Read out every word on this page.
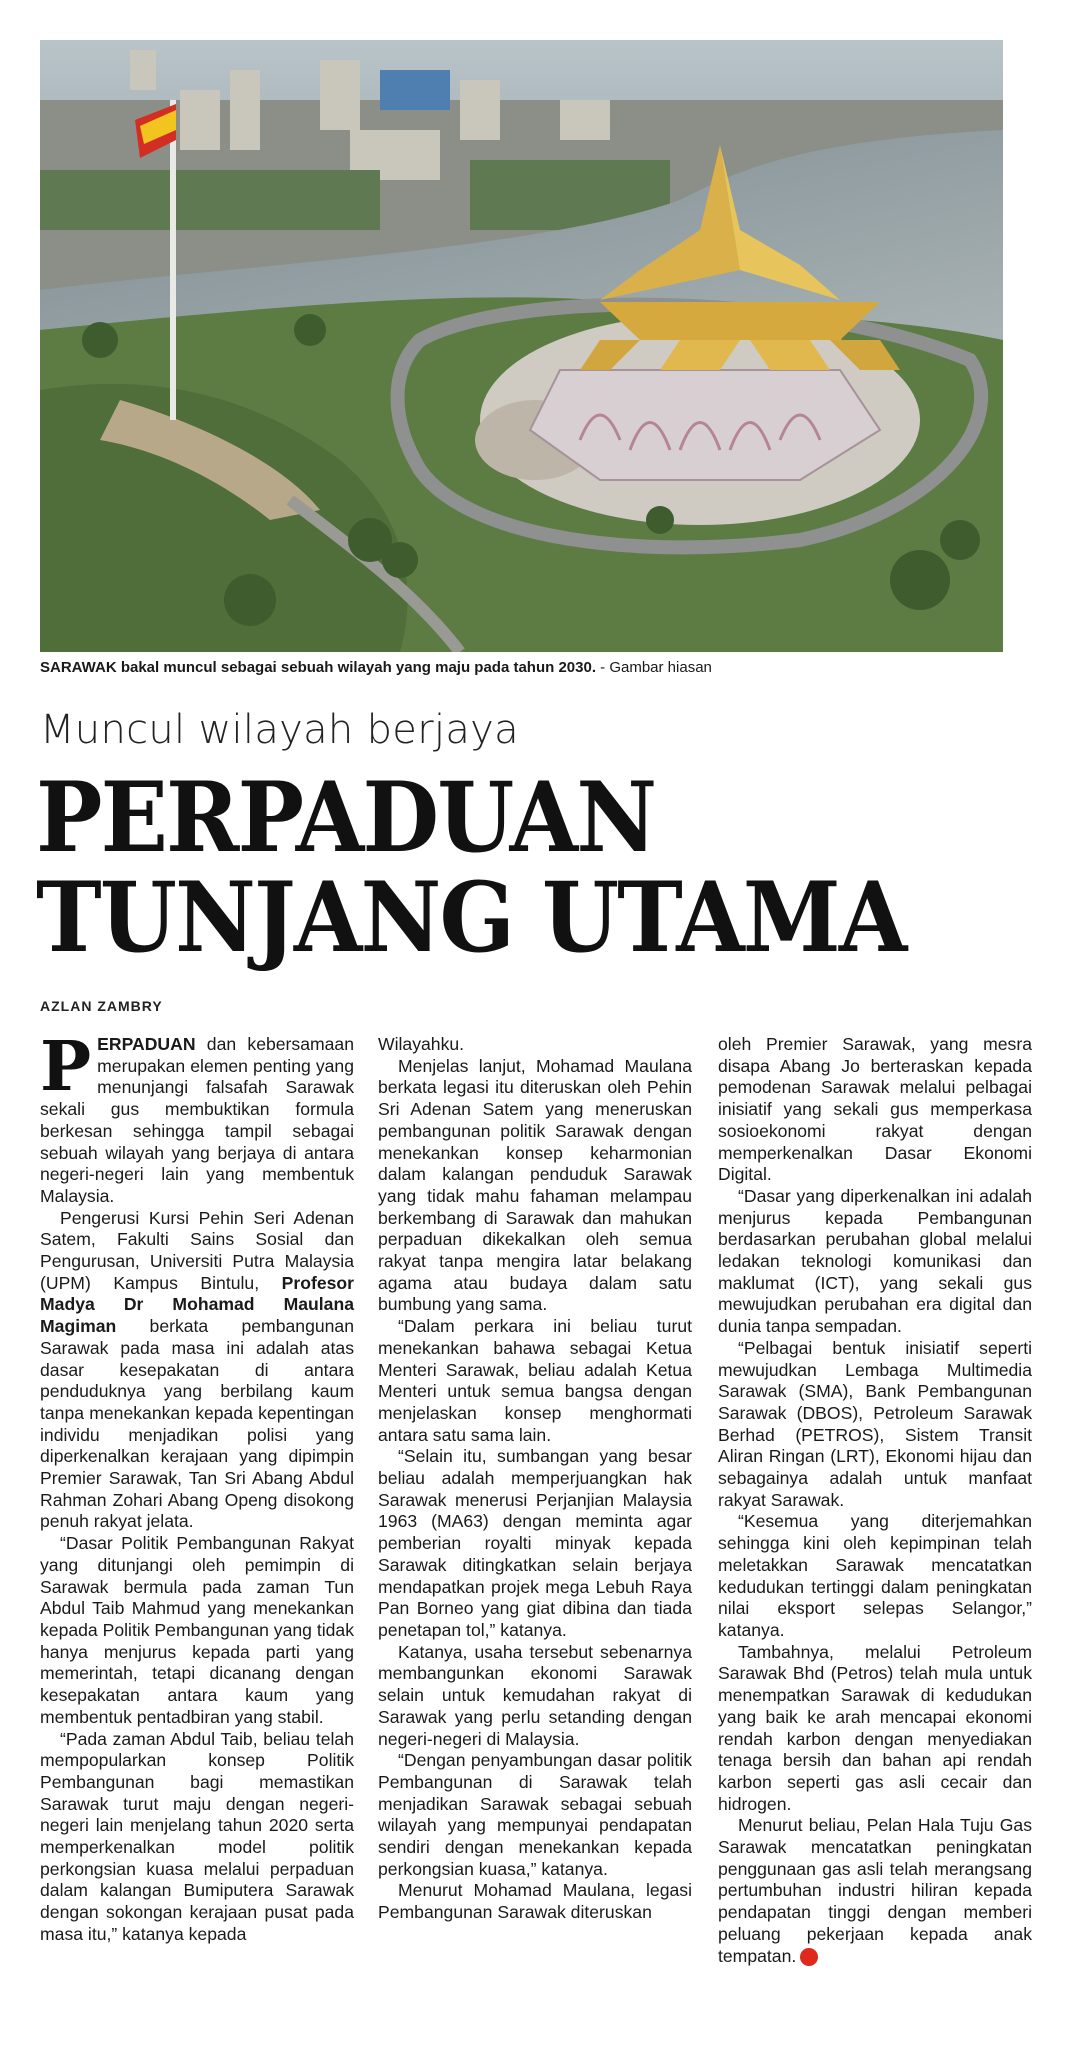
SARAWAK bakal muncul sebagai sebuah wilayah yang maju pada tahun 2030. - Gambar hiasan
Muncul wilayah berjaya
PERPADUAN
TUNJANG UTAMA
AZLAN ZAMBRY

PERPADUAN dan kebersamaan merupakan elemen penting yang menunjangi falsafah Sarawak sekali gus membuktikan formula berkesan sehingga tampil sebagai sebuah wilayah yang berjaya di antara negeri-negeri lain yang membentuk Malaysia.

Pengerusi Kursi Pehin Seri Adenan Satem, Fakulti Sains Sosial dan Pengurusan, Universiti Putra Malaysia (UPM) Kampus Bintulu, Profesor Madya Dr Mohamad Maulana Magiman berkata pembangunan Sarawak pada masa ini adalah atas dasar kesepakatan di antara penduduknya yang berbilang kaum tanpa menekankan kepada kepentingan individu menjadikan polisi yang diperkenalkan kerajaan yang dipimpin Premier Sarawak, Tan Sri Abang Abdul Rahman Zohari Abang Openg disokong penuh rakyat jelata.

“Dasar Politik Pembangunan Rakyat yang ditunjangi oleh pemimpin di Sarawak bermula pada zaman Tun Abdul Taib Mahmud yang menekankan kepada Politik Pembangunan yang tidak hanya menjurus kepada parti yang memerintah, tetapi dicanang dengan kesepakatan antara kaum yang membentuk pentadbiran yang stabil.

“Pada zaman Abdul Taib, beliau telah mempopularkan konsep Politik Pembangunan bagi memastikan Sarawak turut maju dengan negeri-negeri lain menjelang tahun 2020 serta memperkenalkan model politik perkongsian kuasa melalui perpaduan dalam kalangan Bumiputera Sarawak dengan sokongan kerajaan pusat pada masa itu,” katanya kepada

Wilayahku.

Menjelas lanjut, Mohamad Maulana berkata legasi itu diteruskan oleh Pehin Sri Adenan Satem yang meneruskan pembangunan politik Sarawak dengan menekankan konsep keharmonian dalam kalangan penduduk Sarawak yang tidak mahu fahaman melampau berkembang di Sarawak dan mahukan perpaduan dikekalkan oleh semua rakyat tanpa mengira latar belakang agama atau budaya dalam satu bumbung yang sama.

“Dalam perkara ini beliau turut menekankan bahawa sebagai Ketua Menteri Sarawak, beliau adalah Ketua Menteri untuk semua bangsa dengan menjelaskan konsep menghormati antara satu sama lain.

“Selain itu, sumbangan yang besar beliau adalah memperjuangkan hak Sarawak menerusi Perjanjian Malaysia 1963 (MA63) dengan meminta agar pemberian royalti minyak kepada Sarawak ditingkatkan selain berjaya mendapatkan projek mega Lebuh Raya Pan Borneo yang giat dibina dan tiada penetapan tol,” katanya.

Katanya, usaha tersebut sebenarnya membangunkan ekonomi Sarawak selain untuk kemudahan rakyat di Sarawak yang perlu setanding dengan negeri-negeri di Malaysia.

“Dengan penyambungan dasar politik Pembangunan di Sarawak telah menjadikan Sarawak sebagai sebuah wilayah yang mempunyai pendapatan sendiri dengan menekankan kepada perkongsian kuasa,” katanya.

Menurut Mohamad Maulana, legasi Pembangunan Sarawak diteruskan

oleh Premier Sarawak, yang mesra disapa Abang Jo berteraskan kepada pemodenan Sarawak melalui pelbagai inisiatif yang sekali gus memperkasa sosioekonomi rakyat dengan memperkenalkan Dasar Ekonomi Digital.

“Dasar yang diperkenalkan ini adalah menjurus kepada Pembangunan berdasarkan perubahan global melalui ledakan teknologi komunikasi dan maklumat (ICT), yang sekali gus mewujudkan perubahan era digital dan dunia tanpa sempadan.

“Pelbagai bentuk inisiatif seperti mewujudkan Lembaga Multimedia Sarawak (SMA), Bank Pembangunan Sarawak (DBOS), Petroleum Sarawak Berhad (PETROS), Sistem Transit Aliran Ringan (LRT), Ekonomi hijau dan sebagainya adalah untuk manfaat rakyat Sarawak.

“Kesemua yang diterjemahkan sehingga kini oleh kepimpinan telah meletakkan Sarawak mencatatkan kedudukan tertinggi dalam peningkatan nilai eksport selepas Selangor,” katanya.

Tambahnya, melalui Petroleum Sarawak Bhd (Petros) telah mula untuk menempatkan Sarawak di kedudukan yang baik ke arah mencapai ekonomi rendah karbon dengan menyediakan tenaga bersih dan bahan api rendah karbon seperti gas asli cecair dan hidrogen.

Menurut beliau, Pelan Hala Tuju Gas Sarawak mencatatkan peningkatan penggunaan gas asli telah merangsang pertumbuhan industri hiliran kepada pendapatan tinggi dengan memberi peluang pekerjaan kepada anak tempatan. H
